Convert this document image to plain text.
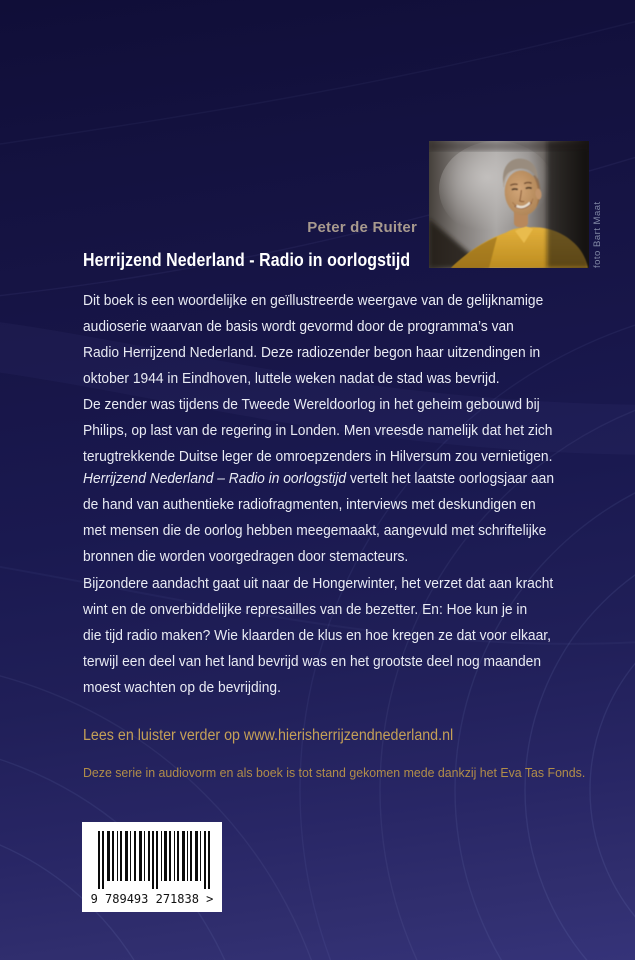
foto Bart Maat
Peter de Ruiter
Herrijzend Nederland - Radio in oorlogstijd
Dit boek is een woordelijke en geïllustreerde weergave van de gelijknamige
audioserie waarvan de basis wordt gevormd door de programma’s van
Radio Herrijzend Nederland. Deze radiozender begon haar uitzendingen in
oktober 1944 in Eindhoven, luttele weken nadat de stad was bevrijd.
De zender was tijdens de Tweede Wereldoorlog in het geheim gebouwd bij
Philips, op last van de regering in Londen. Men vreesde namelijk dat het zich
terugtrekkende Duitse leger de omroepzenders in Hilversum zou vernietigen.
Herrijzend Nederland – Radio in oorlogstijd vertelt het laatste oorlogsjaar aan
de hand van authentieke radiofragmenten, interviews met deskundigen en
met mensen die de oorlog hebben meegemaakt, aangevuld met schriftelijke
bronnen die worden voorgedragen door stemacteurs.
Bijzondere aandacht gaat uit naar de Hongerwinter, het verzet dat aan kracht
wint en de onverbiddelijke represailles van de bezetter. En: Hoe kun je in
die tijd radio maken? Wie klaarden de klus en hoe kregen ze dat voor elkaar,
terwijl een deel van het land bevrijd was en het grootste deel nog maanden
moest wachten op de bevrijding.
Lees en luister verder op www.hierisherrijzendnederland.nl
Deze serie in audiovorm en als boek is tot stand gekomen mede dankzij het Eva Tas Fonds.
9 789493 271838 >
